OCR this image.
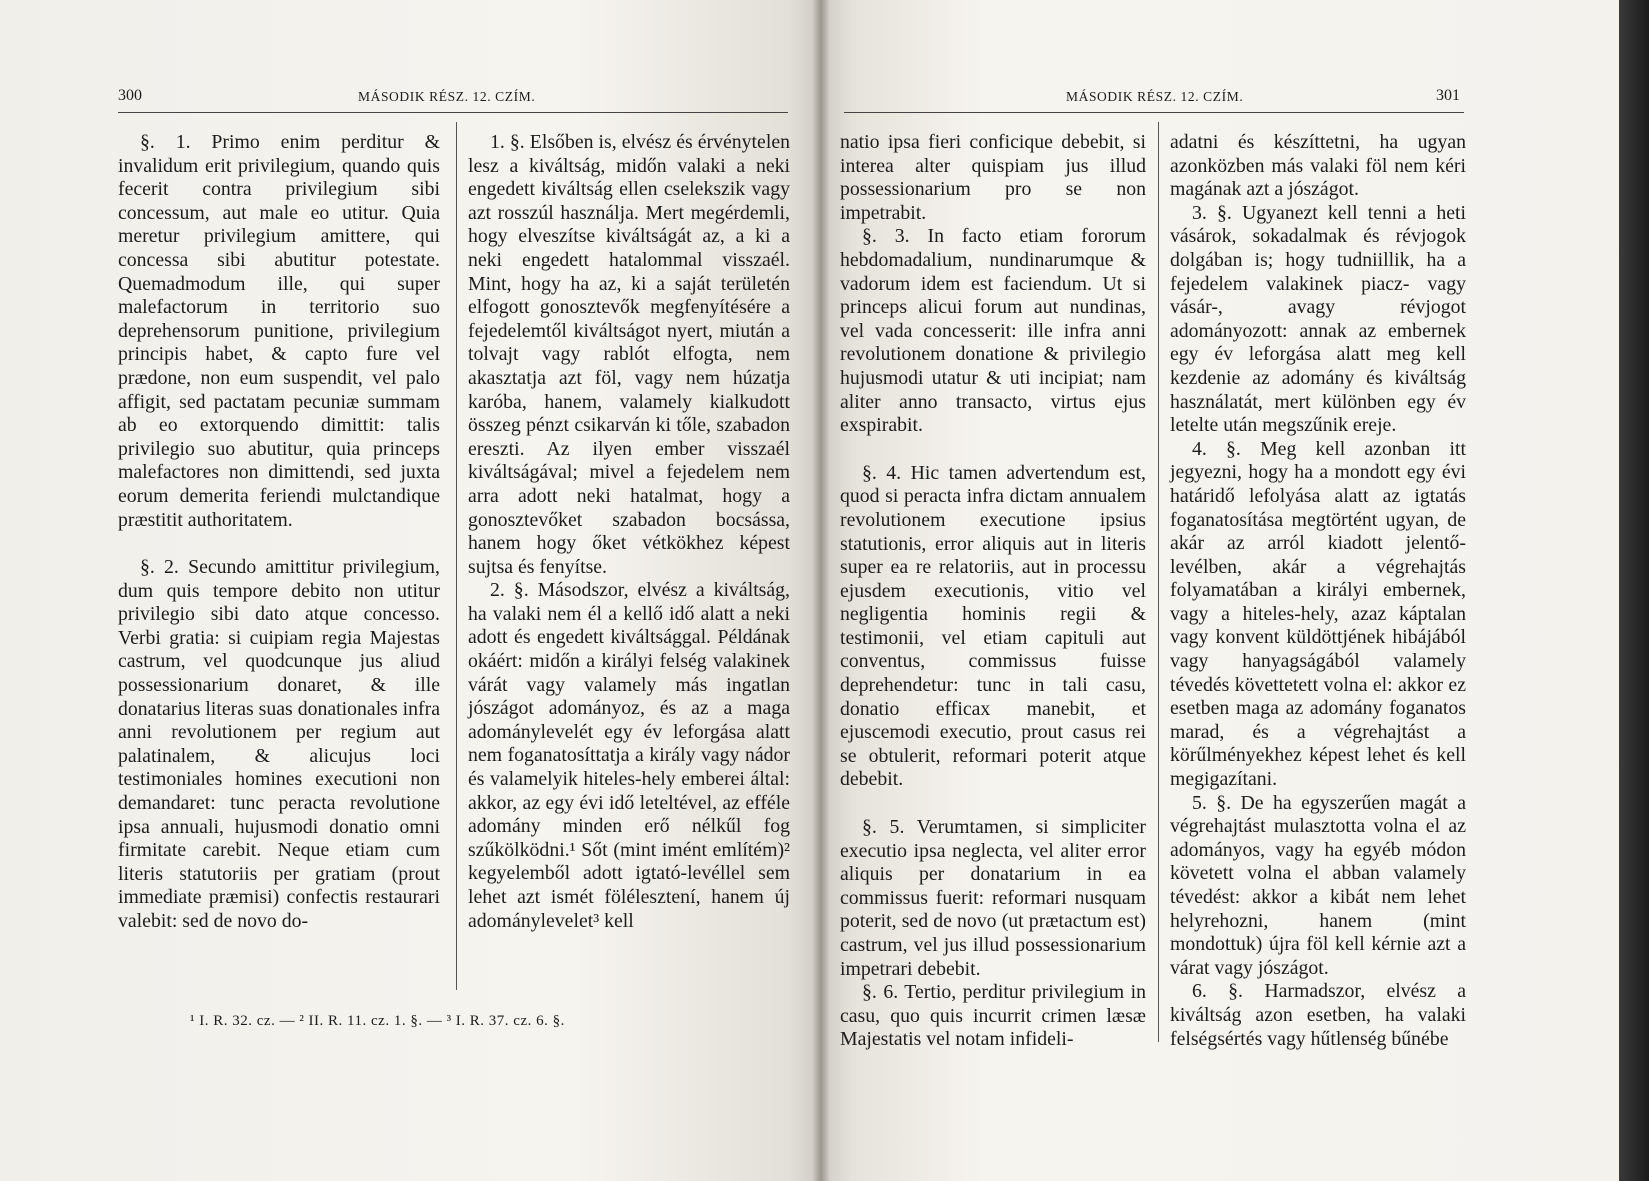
300	MÁSODIK RÉSZ. 12. CZÍM.

§. 1. Primo enim perditur & invalidum erit privilegium, quando quis fecerit contra privilegium sibi concessum, aut male eo utitur. Quia meretur privilegium amittere, qui concessa sibi abutitur potestate. Quemadmodum ille, qui super malefactorum in territorio suo deprehensorum punitione, privilegium principis habet, & capto fure vel prædone, non eum suspendit, vel palo affigit, sed pactatam pecuniæ summam ab eo extorquendo dimittit: talis privilegio suo abutitur, quia princeps malefactores non dimittendi, sed juxta eorum demerita feriendi mulctandique præstitit authoritatem.

§. 2. Secundo amittitur privilegium, dum quis tempore debito non utitur privilegio sibi dato atque concesso. Verbi gratia: si cuipiam regia Majestas castrum, vel quodcunque jus aliud possessionarium donaret, & ille donatarius literas suas donationales infra anni revolutionem per regium aut palatinalem, & alicujus loci testimoniales homines executioni non demandaret: tunc peracta revolutione ipsa annuali, hujusmodi donatio omni firmitate carebit. Neque etiam cum literis statutoriis per gratiam (prout immediate præmisi) confectis restaurari valebit: sed de novo do-

1. §. Elsőben is, elvész és érvénytelen lesz a kiváltság, midőn valaki a neki engedett kiváltság ellen cselekszik vagy azt rosszúl használja. Mert megérdemli, hogy elveszítse kiváltságát az, a ki a neki engedett hatalommal visszaél. Mint, hogy ha az, ki a saját területén elfogott gonosztevők megfenyítésére a fejedelemtől kiváltságot nyert, miután a tolvajt vagy rablót elfogta, nem akasztatja azt föl, vagy nem húzatja karóba, hanem, valamely kialkudott összeg pénzt csikarván ki tőle, szabadon ereszti. Az ilyen ember visszaél kiváltságával; mivel a fejedelem nem arra adott neki hatalmat, hogy a gonosztevőket szabadon bocsássa, hanem hogy őket vétkökhez képest sujtsa és fenyítse.

2. §. Másodszor, elvész a kiváltság, ha valaki nem él a kellő idő alatt a neki adott és engedett kiváltsággal. Példának okáért: midőn a királyi felség valakinek várát vagy valamely más ingatlan jószágot adományoz, és az a maga adománylevelét egy év leforgása alatt nem foganatosíttatja a király vagy nádor és valamelyik hiteles-hely emberei által: akkor, az egy évi idő leteltével, az efféle adomány minden erő nélkűl fog szűkölködni.¹ Sőt (mint imént említém)² kegyelemből adott igtató-levéllel sem lehet azt ismét fölélesztení, hanem új adománylevelet³ kell

¹ I. R. 32. cz. — ² II. R. 11. cz. 1. §. — ³ I. R. 37. cz. 6. §.
MÁSODIK RÉSZ. 12. CZÍM.	301

natio ipsa fieri conficique debebit, si interea alter quispiam jus illud possessionarium pro se non impetrabit.

§. 3. In facto etiam fororum hebdomadalium, nundinarumque & vadorum idem est faciendum. Ut si princeps alicui forum aut nundinas, vel vada concesserit: ille infra anni revolutionem donatione & privilegio hujusmodi utatur & uti incipiat; nam aliter anno transacto, virtus ejus exspirabit.

§. 4. Hic tamen advertendum est, quod si peracta infra dictam annualem revolutionem executione ipsius statutionis, error aliquis aut in literis super ea re relatoriis, aut in processu ejusdem executionis, vitio vel negligentia hominis regii & testimonii, vel etiam capituli aut conventus, commissus fuisse deprehendetur: tunc in tali casu, donatio efficax manebit, et ejuscemodi executio, prout casus rei se obtulerit, reformari poterit atque debebit.

§. 5. Verumtamen, si simpliciter executio ipsa neglecta, vel aliter error aliquis per donatarium in ea commissus fuerit: reformari nusquam poterit, sed de novo (ut prætactum est) castrum, vel jus illud possessionarium impetrari debebit.

§. 6. Tertio, perditur privilegium in casu, quo quis incurrit crimen læsæ Majestatis vel notam infideli-

adatni és készíttetni, ha ugyan azonközben más valaki föl nem kéri magának azt a jószágot.

3. §. Ugyanezt kell tenni a heti vásárok, sokadalmak és révjogok dolgában is; hogy tudniillik, ha a fejedelem valakinek piacz- vagy vásár-, avagy révjogot adományozott: annak az embernek egy év leforgása alatt meg kell kezdenie az adomány és kiváltság használatát, mert különben egy év letelte után megszűnik ereje.

4. §. Meg kell azonban itt jegyezni, hogy ha a mondott egy évi határidő lefolyása alatt az igtatás foganatosítása megtörtént ugyan, de akár az arról kiadott jelentő-levélben, akár a végrehajtás folyamatában a királyi embernek, vagy a hiteles-hely, azaz káptalan vagy konvent küldöttjének hibájából vagy hanyagságából valamely tévedés követtetett volna el: akkor ez esetben maga az adomány foganatos marad, és a végrehajtást a körűlményekhez képest lehet és kell megigazítani.

5. §. De ha egyszerűen magát a végrehajtást mulasztotta volna el az adományos, vagy ha egyéb módon követett volna el abban valamely tévedést: akkor a kibát nem lehet helyrehozni, hanem (mint mondottuk) újra föl kell kérnie azt a várat vagy jószágot.

6. §. Harmadszor, elvész a kiváltság azon esetben, ha valaki felségsértés vagy hűtlenség bűnébe
